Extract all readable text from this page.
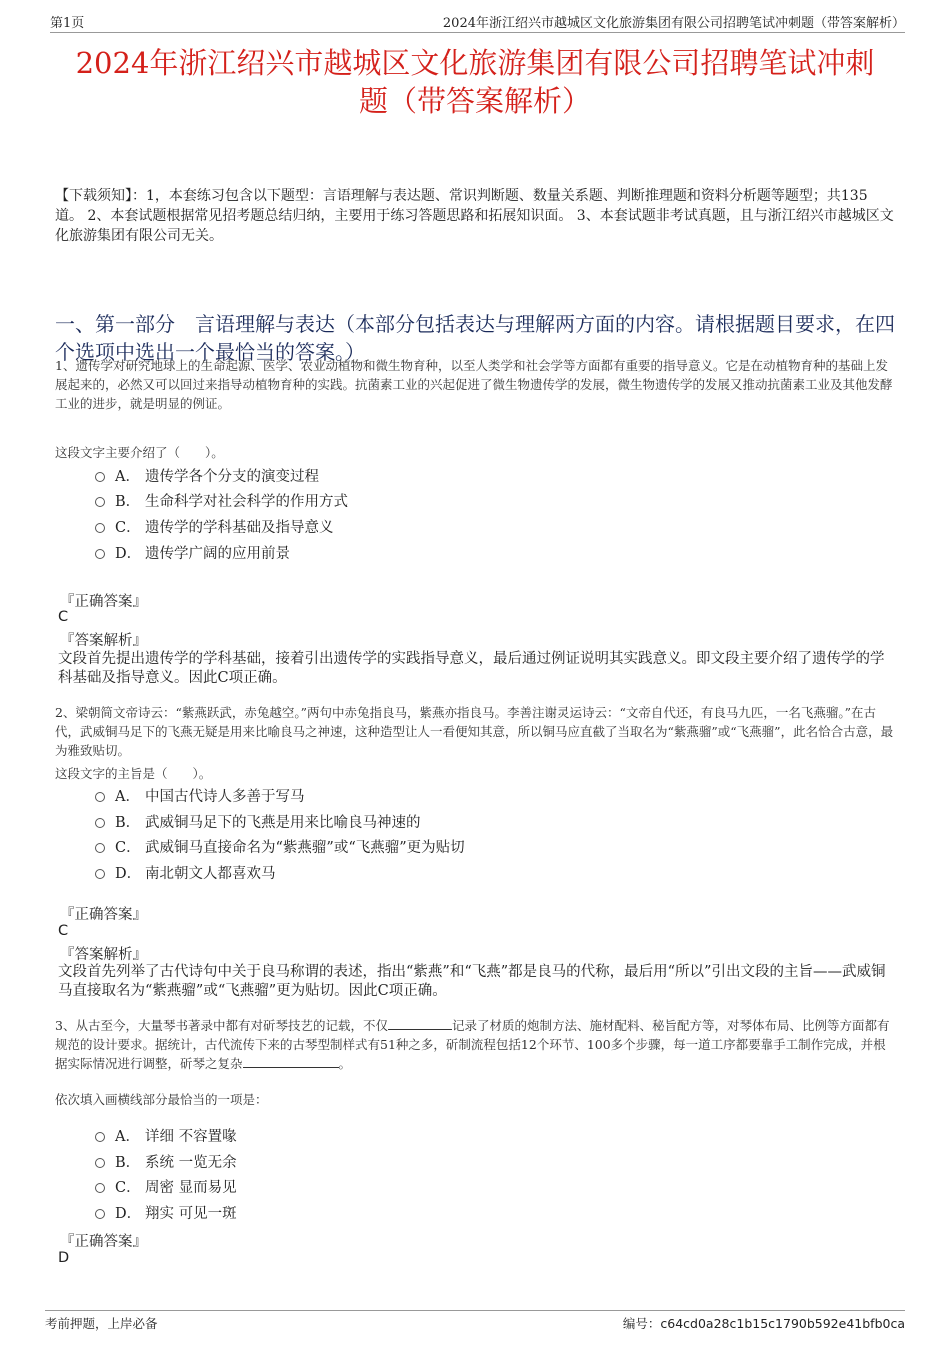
第1页	2024年浙江绍兴市越城区文化旅游集团有限公司招聘笔试冲刺题（带答案解析）
2024年浙江绍兴市越城区文化旅游集团有限公司招聘笔试冲刺
题（带答案解析）
【下载须知】：1，本套练习包含以下题型：言语理解与表达题、常识判断题、数量关系题、判断推理题和资料分析题等题型；共135道。 2、本套试题根据常见招考题总结归纳，主要用于练习答题思路和拓展知识面。 3、本套试题非考试真题，且与浙江绍兴市越城区文化旅游集团有限公司无关。
一、第一部分　言语理解与表达（本部分包括表达与理解两方面的内容。请根据题目要求，在四个选项中选出一个最恰当的答案。）
1、遗传学对研究地球上的生命起源、医学、农业动植物和微生物育种，以至人类学和社会学等方面都有重要的指导意义。它是在动植物育种的基础上发展起来的，必然又可以回过来指导动植物育种的实践。抗菌素工业的兴起促进了微生物遗传学的发展，微生物遗传学的发展又推动抗菌素工业及其他发酵工业的进步，就是明显的例证。
这段文字主要介绍了（　　）。
A． 遗传学各个分支的演变过程
B． 生命科学对社会科学的作用方式
C． 遗传学的学科基础及指导意义
D． 遗传学广阔的应用前景
『正确答案』
C
『答案解析』
文段首先提出遗传学的学科基础，接着引出遗传学的实践指导意义，最后通过例证说明其实践意义。即文段主要介绍了遗传学的学科基础及指导意义。因此C项正确。
2、梁朝简文帝诗云：“紫燕跃武，赤兔越空。”两句中赤兔指良马，紫燕亦指良马。李善注谢灵运诗云：“文帝自代还，有良马九匹，一名飞燕骝。”在古代，武威铜马足下的飞燕无疑是用来比喻良马之神速，这种造型让人一看便知其意，所以铜马应直截了当取名为“紫燕骝”或“飞燕骝”，此名恰合古意，最为雅致贴切。
这段文字的主旨是（　　）。
A． 中国古代诗人多善于写马
B． 武威铜马足下的飞燕是用来比喻良马神速的
C． 武威铜马直接命名为“紫燕骝”或“飞燕骝”更为贴切
D． 南北朝文人都喜欢马
『正确答案』
C
『答案解析』
文段首先列举了古代诗句中关于良马称谓的表述，指出“紫燕”和“飞燕”都是良马的代称，最后用“所以”引出文段的主旨——武威铜马直接取名为“紫燕骝”或“飞燕骝”更为贴切。因此C项正确。
3、从古至今，大量琴书著录中都有对斫琴技艺的记载，不仅	记录了材质的炮制方法、施材配料、秘旨配方等，对琴体布局、比例等方面都有规范的设计要求。据统计，古代流传下来的古琴型制样式有51种之多，斫制流程包括12个环节、100多个步骤，每一道工序都要靠手工制作完成，并根据实际情况进行调整，斫琴之复杂	。
依次填入画横线部分最恰当的一项是：
A． 详细 不容置喙
B． 系统 一览无余
C． 周密 显而易见
D． 翔实 可见一斑
『正确答案』
D
考前押题，上岸必备	编号：c64cd0a28c1b15c1790b592e41bfb0ca
